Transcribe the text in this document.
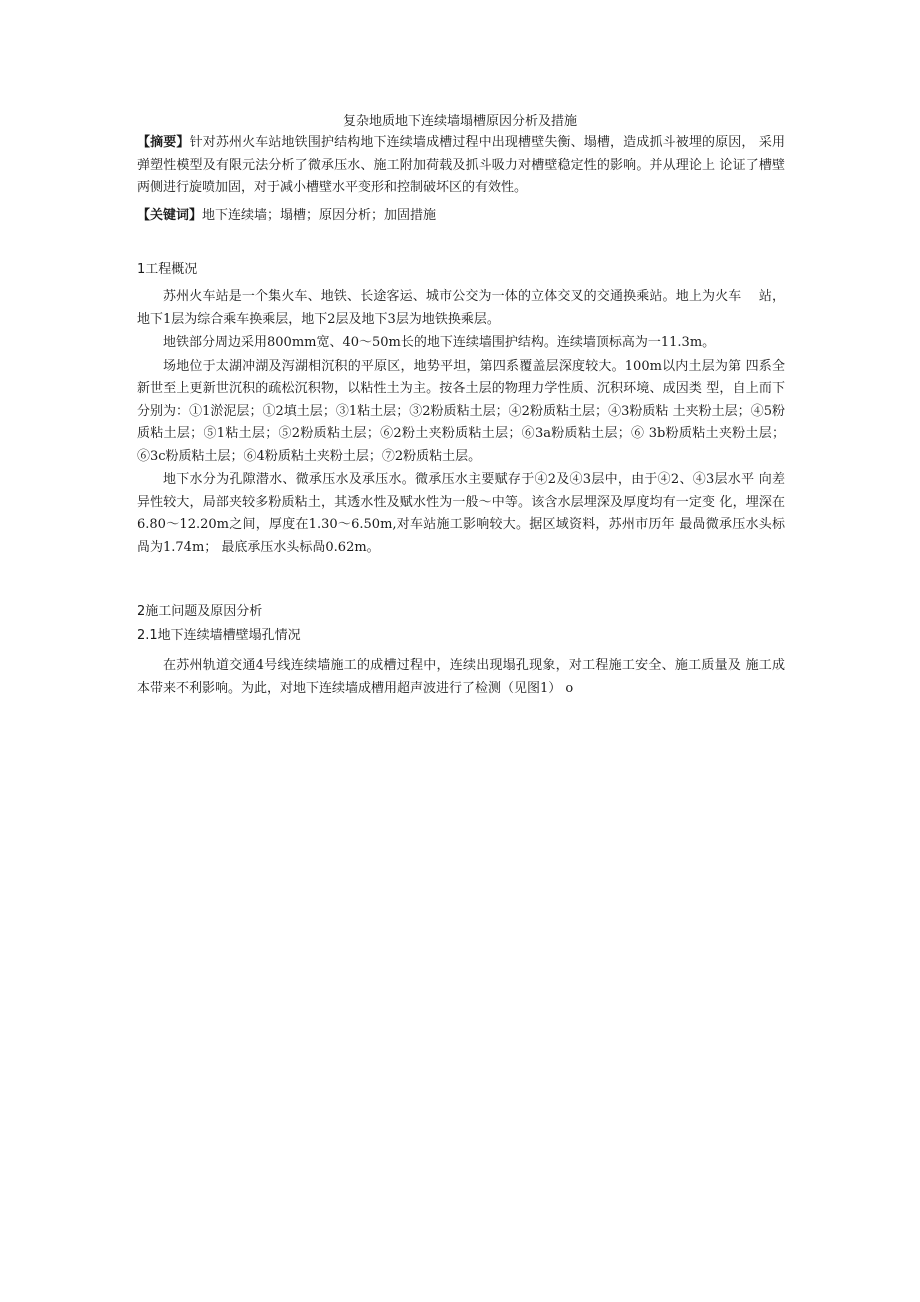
复杂地质地下连续墙塌槽原因分析及措施
【摘要】针对苏州火车站地铁围护结构地下连续墙成槽过程中出现槽壁失衡、塌槽，造成抓斗被埋的原因， 采用弹塑性模型及有限元法分析了微承压水、施工附加荷载及抓斗吸力对槽壁稳定性的影响。并从理论上 论证了槽壁两侧进行旋喷加固，对于减小槽壁水平变形和控制破坏区的有效性。
【关键词】地下连续墙；塌槽；原因分析；加固措施
1工程概况

苏州火车站是一个集火车、地铁、长途客运、城市公交为一体的立体交叉的交通换乘站。地上为火车　 站，地下1层为综合乘车换乘层，地下2层及地下3层为地铁换乘层。

地铁部分周边采用800mm宽、40～50m长的地下连续墙围护结构。连续墙顶标高为一11.3m。

场地位于太湖冲湖及泻湖相沉积的平原区，地势平坦，第四系覆盖层深度较大。100m以内土层为第 四系全新世至上更新世沉积的疏松沉积物，以粘性土为主。按各土层的物理力学性质、沉积环境、成因类 型，自上而下分别为：①1淤泥层；①2填土层；③1粘土层；③2粉质粘土层；④2粉质粘土层；④3粉质粘 土夹粉土层；④5粉质粘土层；⑤1粘土层；⑤2粉质粘土层；⑥2粉土夹粉质粘土层；⑥3a粉质粘土层；⑥ 3b粉质粘土夹粉土层；⑥3c粉质粘土层；⑥4粉质粘土夹粉土层；⑦2粉质粘土层。

地下水分为孔隙潜水、微承压水及承压水。微承压水主要赋存于④2及④3层中，由于④2、④3层水平 向差异性较大，局部夹较多粉质粘土，其透水性及赋水性为一般～中等。该含水层埋深及厚度均有一定变 化，埋深在6.80～12.20m之间，厚度在1.30～6.50m,对车站施工影响较大。据区域资料，苏州市历年 最咼微承压水头标咼为1.74m； 最底承压水头标咼0.62m。

2施工问题及原因分析
2.1地下连续墙槽壁塌孔情况

在苏州轨道交通4号线连续墙施工的成槽过程中，连续出现塌孔现象，对工程施工安全、施工质量及 施工成本带来不利影响。为此，对地下连续墙成槽用超声波进行了检测（见图1） o
